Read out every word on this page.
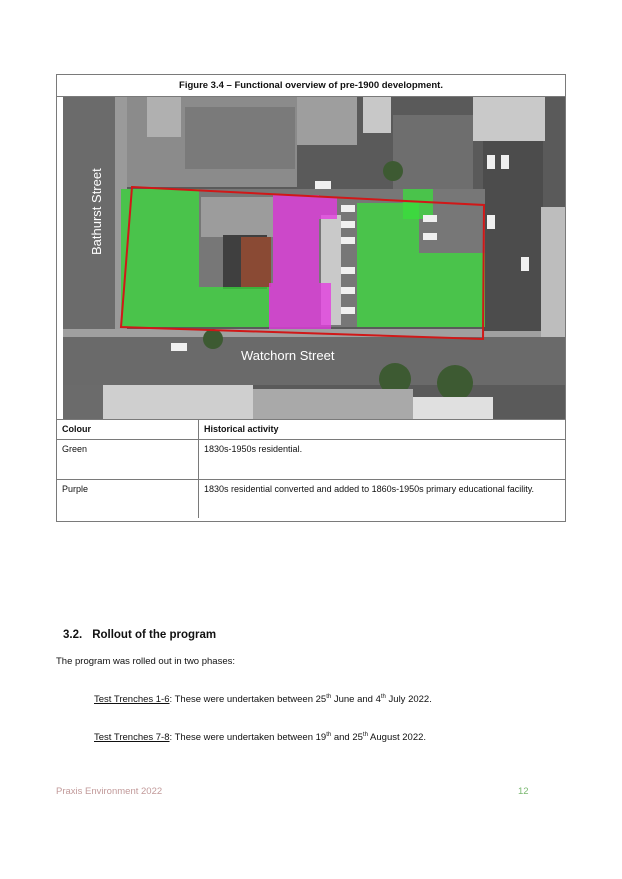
Figure 3.4 – Functional overview of pre-1900 development.
Bathurst Street
Watchorn Street
Colour	Historical activity
Green	1830s-1950s residential.
Purple	1830s residential converted and added to 1860s-1950s primary educational facility.
3.2. Rollout of the program
The program was rolled out in two phases:
Test Trenches 1-6: These were undertaken between 25th June and 4th July 2022.
Test Trenches 7-8: These were undertaken between 19th and 25th August 2022.
Praxis Environment 2022	12
